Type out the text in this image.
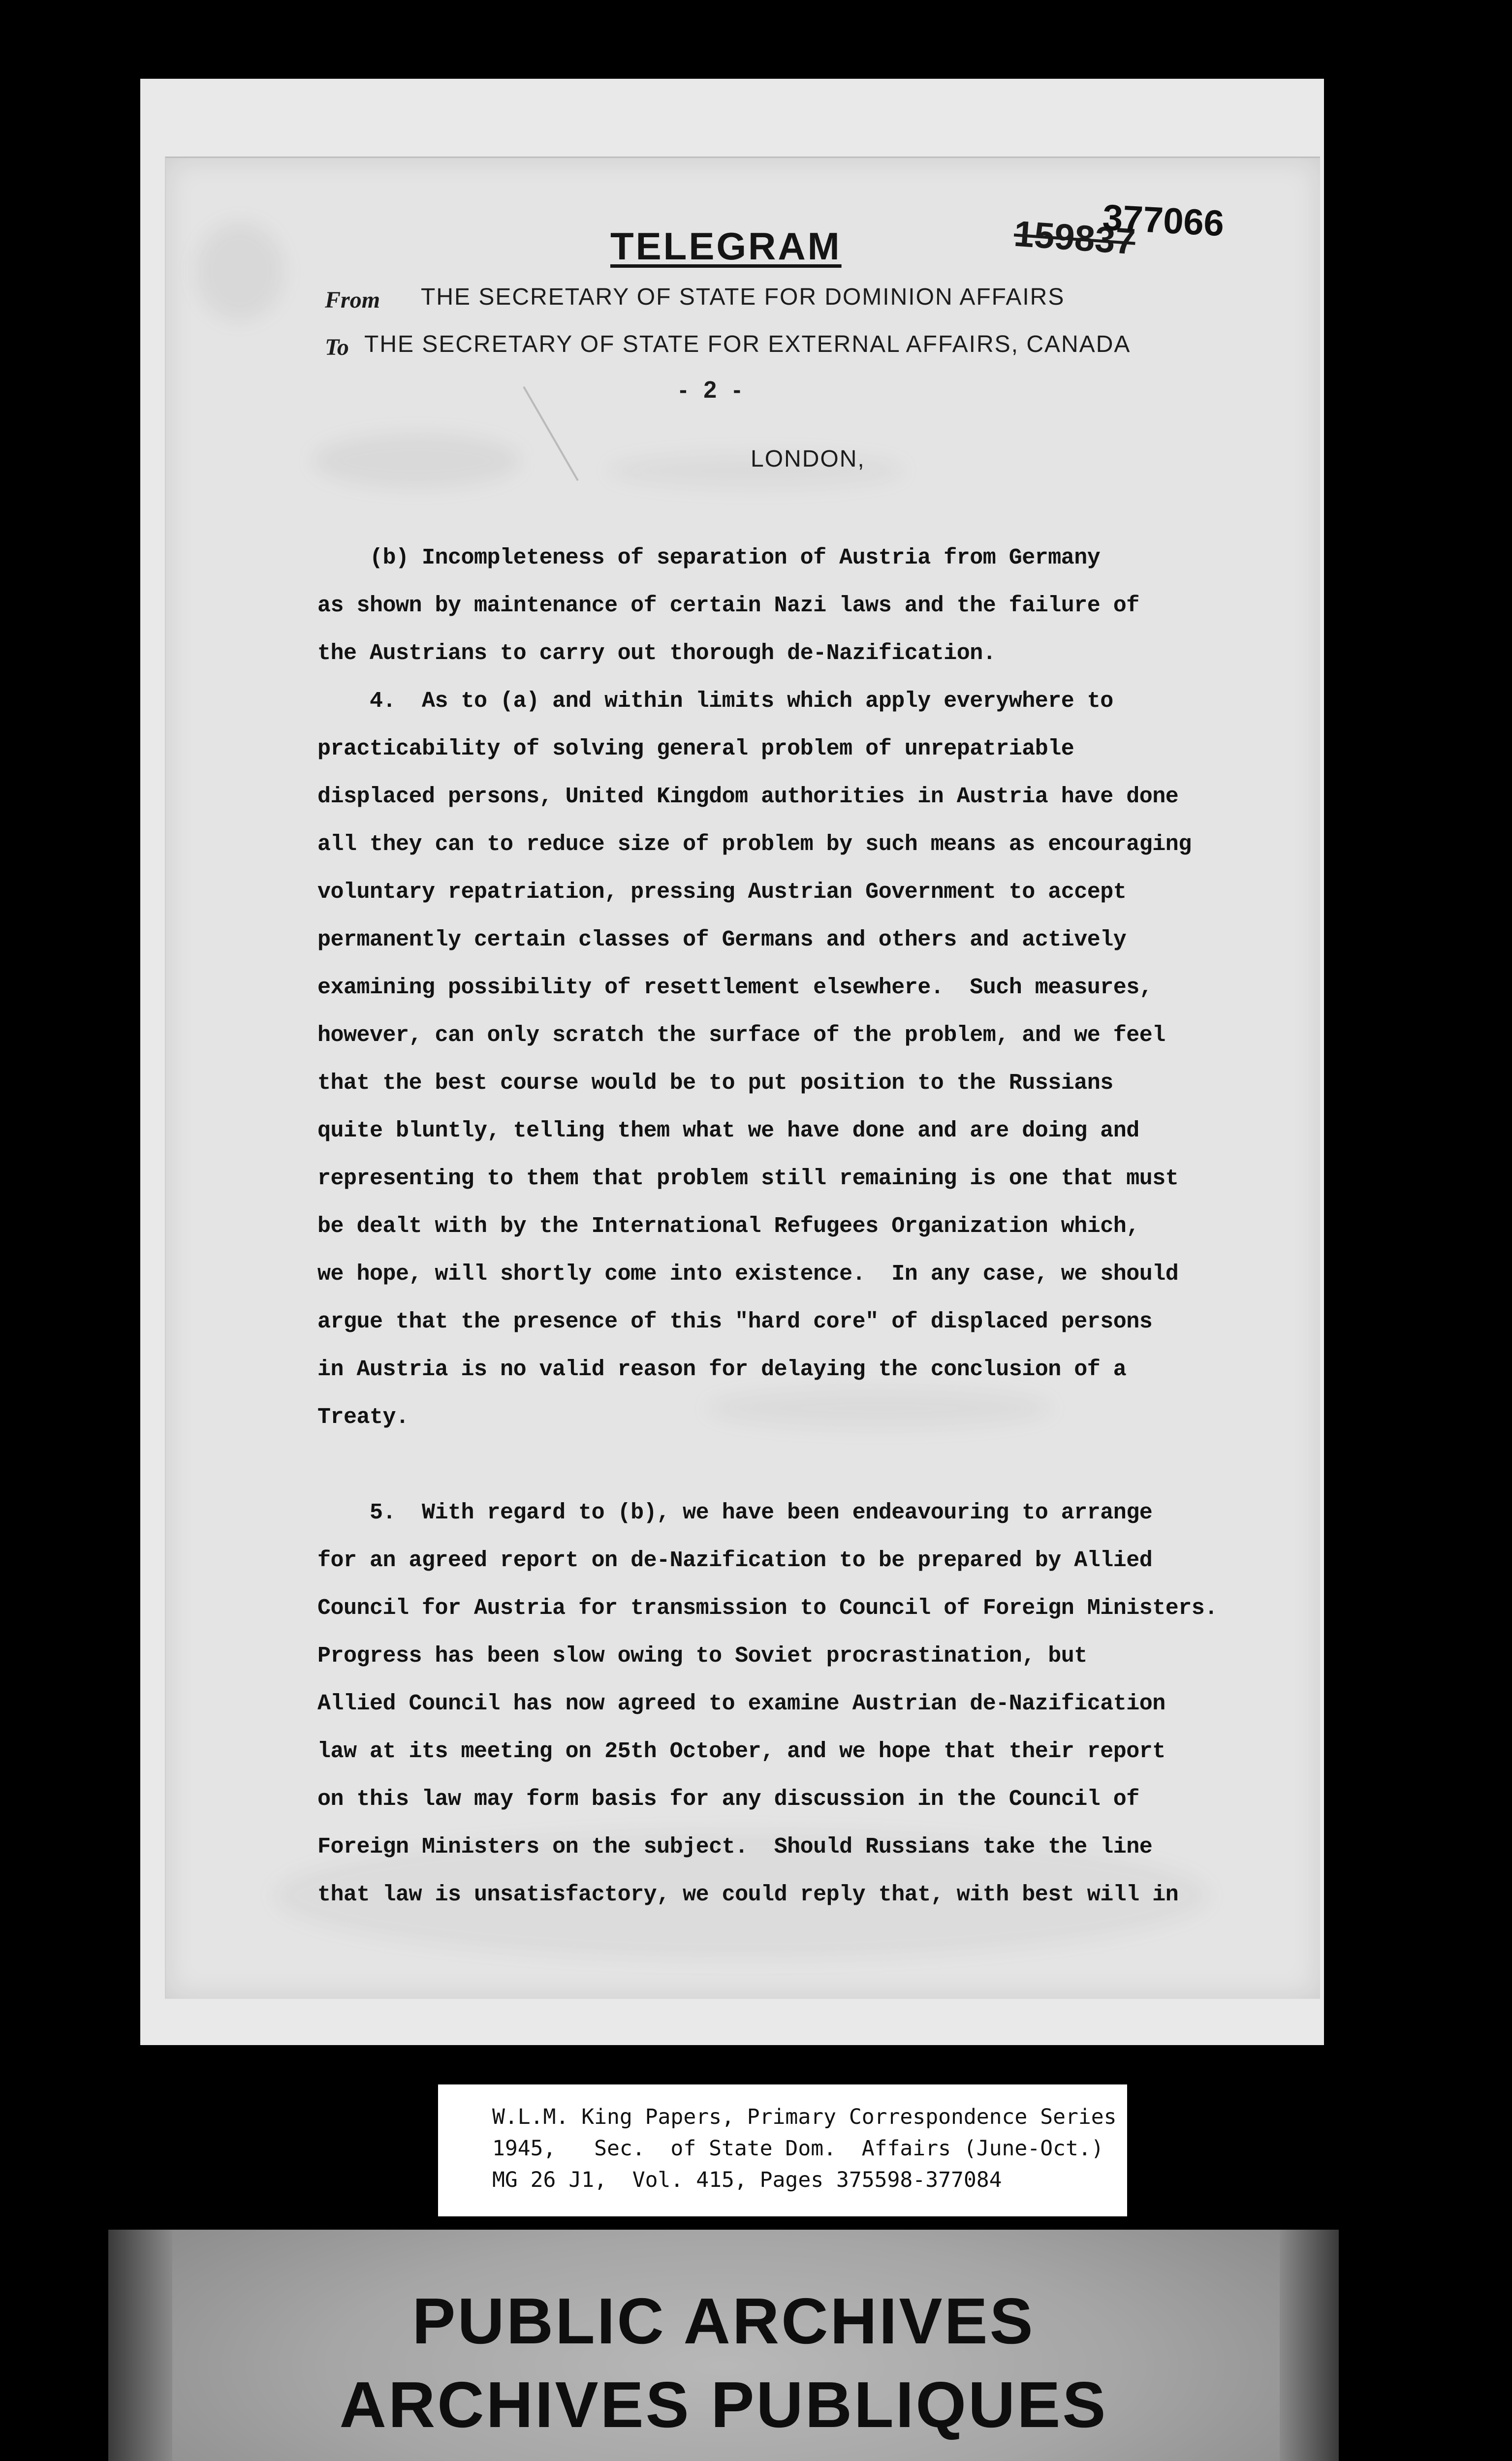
TELEGRAM	159837
377066
From THE SECRETARY OF STATE FOR DOMINION AFFAIRS
To THE SECRETARY OF STATE FOR EXTERNAL AFFAIRS, CANADA
- 2 -
LONDON,
(b) Incompleteness of separation of Austria from Germany
as shown by maintenance of certain Nazi laws and the failure of
the Austrians to carry out thorough de-Nazification.
4.  As to (a) and within limits which apply everywhere to
practicability of solving general problem of unrepatriable
displaced persons, United Kingdom authorities in Austria have done
all they can to reduce size of problem by such means as encouraging
voluntary repatriation, pressing Austrian Government to accept
permanently certain classes of Germans and others and actively
examining possibility of resettlement elsewhere.  Such measures,
however, can only scratch the surface of the problem, and we feel
that the best course would be to put position to the Russians
quite bluntly, telling them what we have done and are doing and
representing to them that problem still remaining is one that must
be dealt with by the International Refugees Organization which,
we hope, will shortly come into existence.  In any case, we should
argue that the presence of this "hard core" of displaced persons
in Austria is no valid reason for delaying the conclusion of a
Treaty.
5.  With regard to (b), we have been endeavouring to arrange
for an agreed report on de-Nazification to be prepared by Allied
Council for Austria for transmission to Council of Foreign Ministers.
Progress has been slow owing to Soviet procrastination, but
Allied Council has now agreed to examine Austrian de-Nazification
law at its meeting on 25th October, and we hope that their report
on this law may form basis for any discussion in the Council of
Foreign Ministers on the subject.  Should Russians take the line
that law is unsatisfactory, we could reply that, with best will in
W.L.M. King Papers, Primary Correspondence Series
1945,   Sec.  of State Dom.  Affairs (June-Oct.)
MG 26 J1,  Vol. 415, Pages 375598-377084
PUBLIC ARCHIVES
ARCHIVES PUBLIQUES
